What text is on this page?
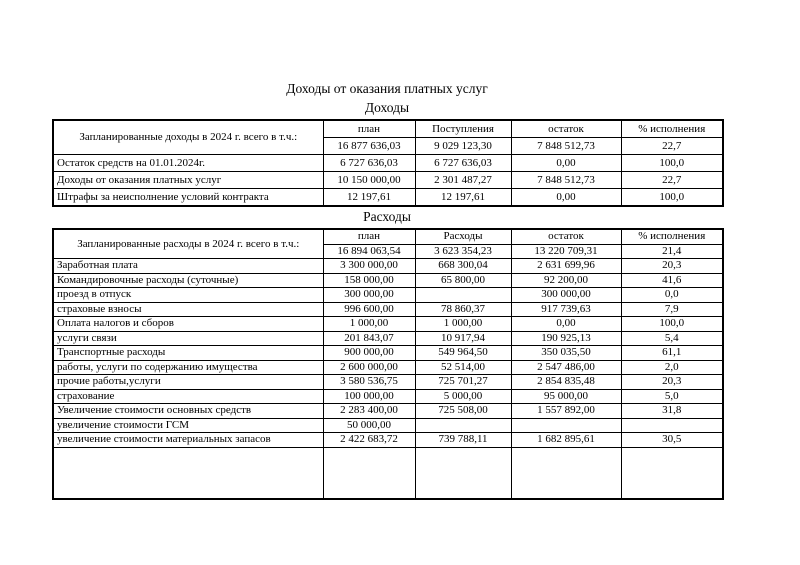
Доходы от оказания платных услуг
Доходы
Запланированные доходы в 2024 г. всего в т.ч.:	план	Поступления	остаток	% исполнения
	16 877 636,03	9 029 123,30	7 848 512,73	22,7
Остаток средств на 01.01.2024г.	6 727 636,03	6 727 636,03	0,00	100,0
Доходы от оказания платных услуг	10 150 000,00	2 301 487,27	7 848 512,73	22,7
Штрафы за неисполнение условий контракта	12 197,61	12 197,61	0,00	100,0
Расходы
Запланированные расходы в 2024 г. всего в т.ч.:	план	Расходы	остаток	% исполнения
	16 894 063,54	3 623 354,23	13 220 709,31	21,4
Заработная плата	3 300 000,00	668 300,04	2 631 699,96	20,3
Командировочные расходы (суточные)	158 000,00	65 800,00	92 200,00	41,6
проезд в отпуск	300 000,00		300 000,00	0,0
страховые взносы	996 600,00	78 860,37	917 739,63	7,9
Оплата налогов и сборов	1 000,00	1 000,00	0,00	100,0
услуги связи	201 843,07	10 917,94	190 925,13	5,4
Транспортные расходы	900 000,00	549 964,50	350 035,50	61,1
работы, услуги по содержанию имущества	2 600 000,00	52 514,00	2 547 486,00	2,0
прочие работы,услуги	3 580 536,75	725 701,27	2 854 835,48	20,3
страхование	100 000,00	5 000,00	95 000,00	5,0
Увеличение стоимости основных средств	2 283 400,00	725 508,00	1 557 892,00	31,8
увеличение стоимости ГСМ	50 000,00			
увеличение стоимости материальных запасов	2 422 683,72	739 788,11	1 682 895,61	30,5
